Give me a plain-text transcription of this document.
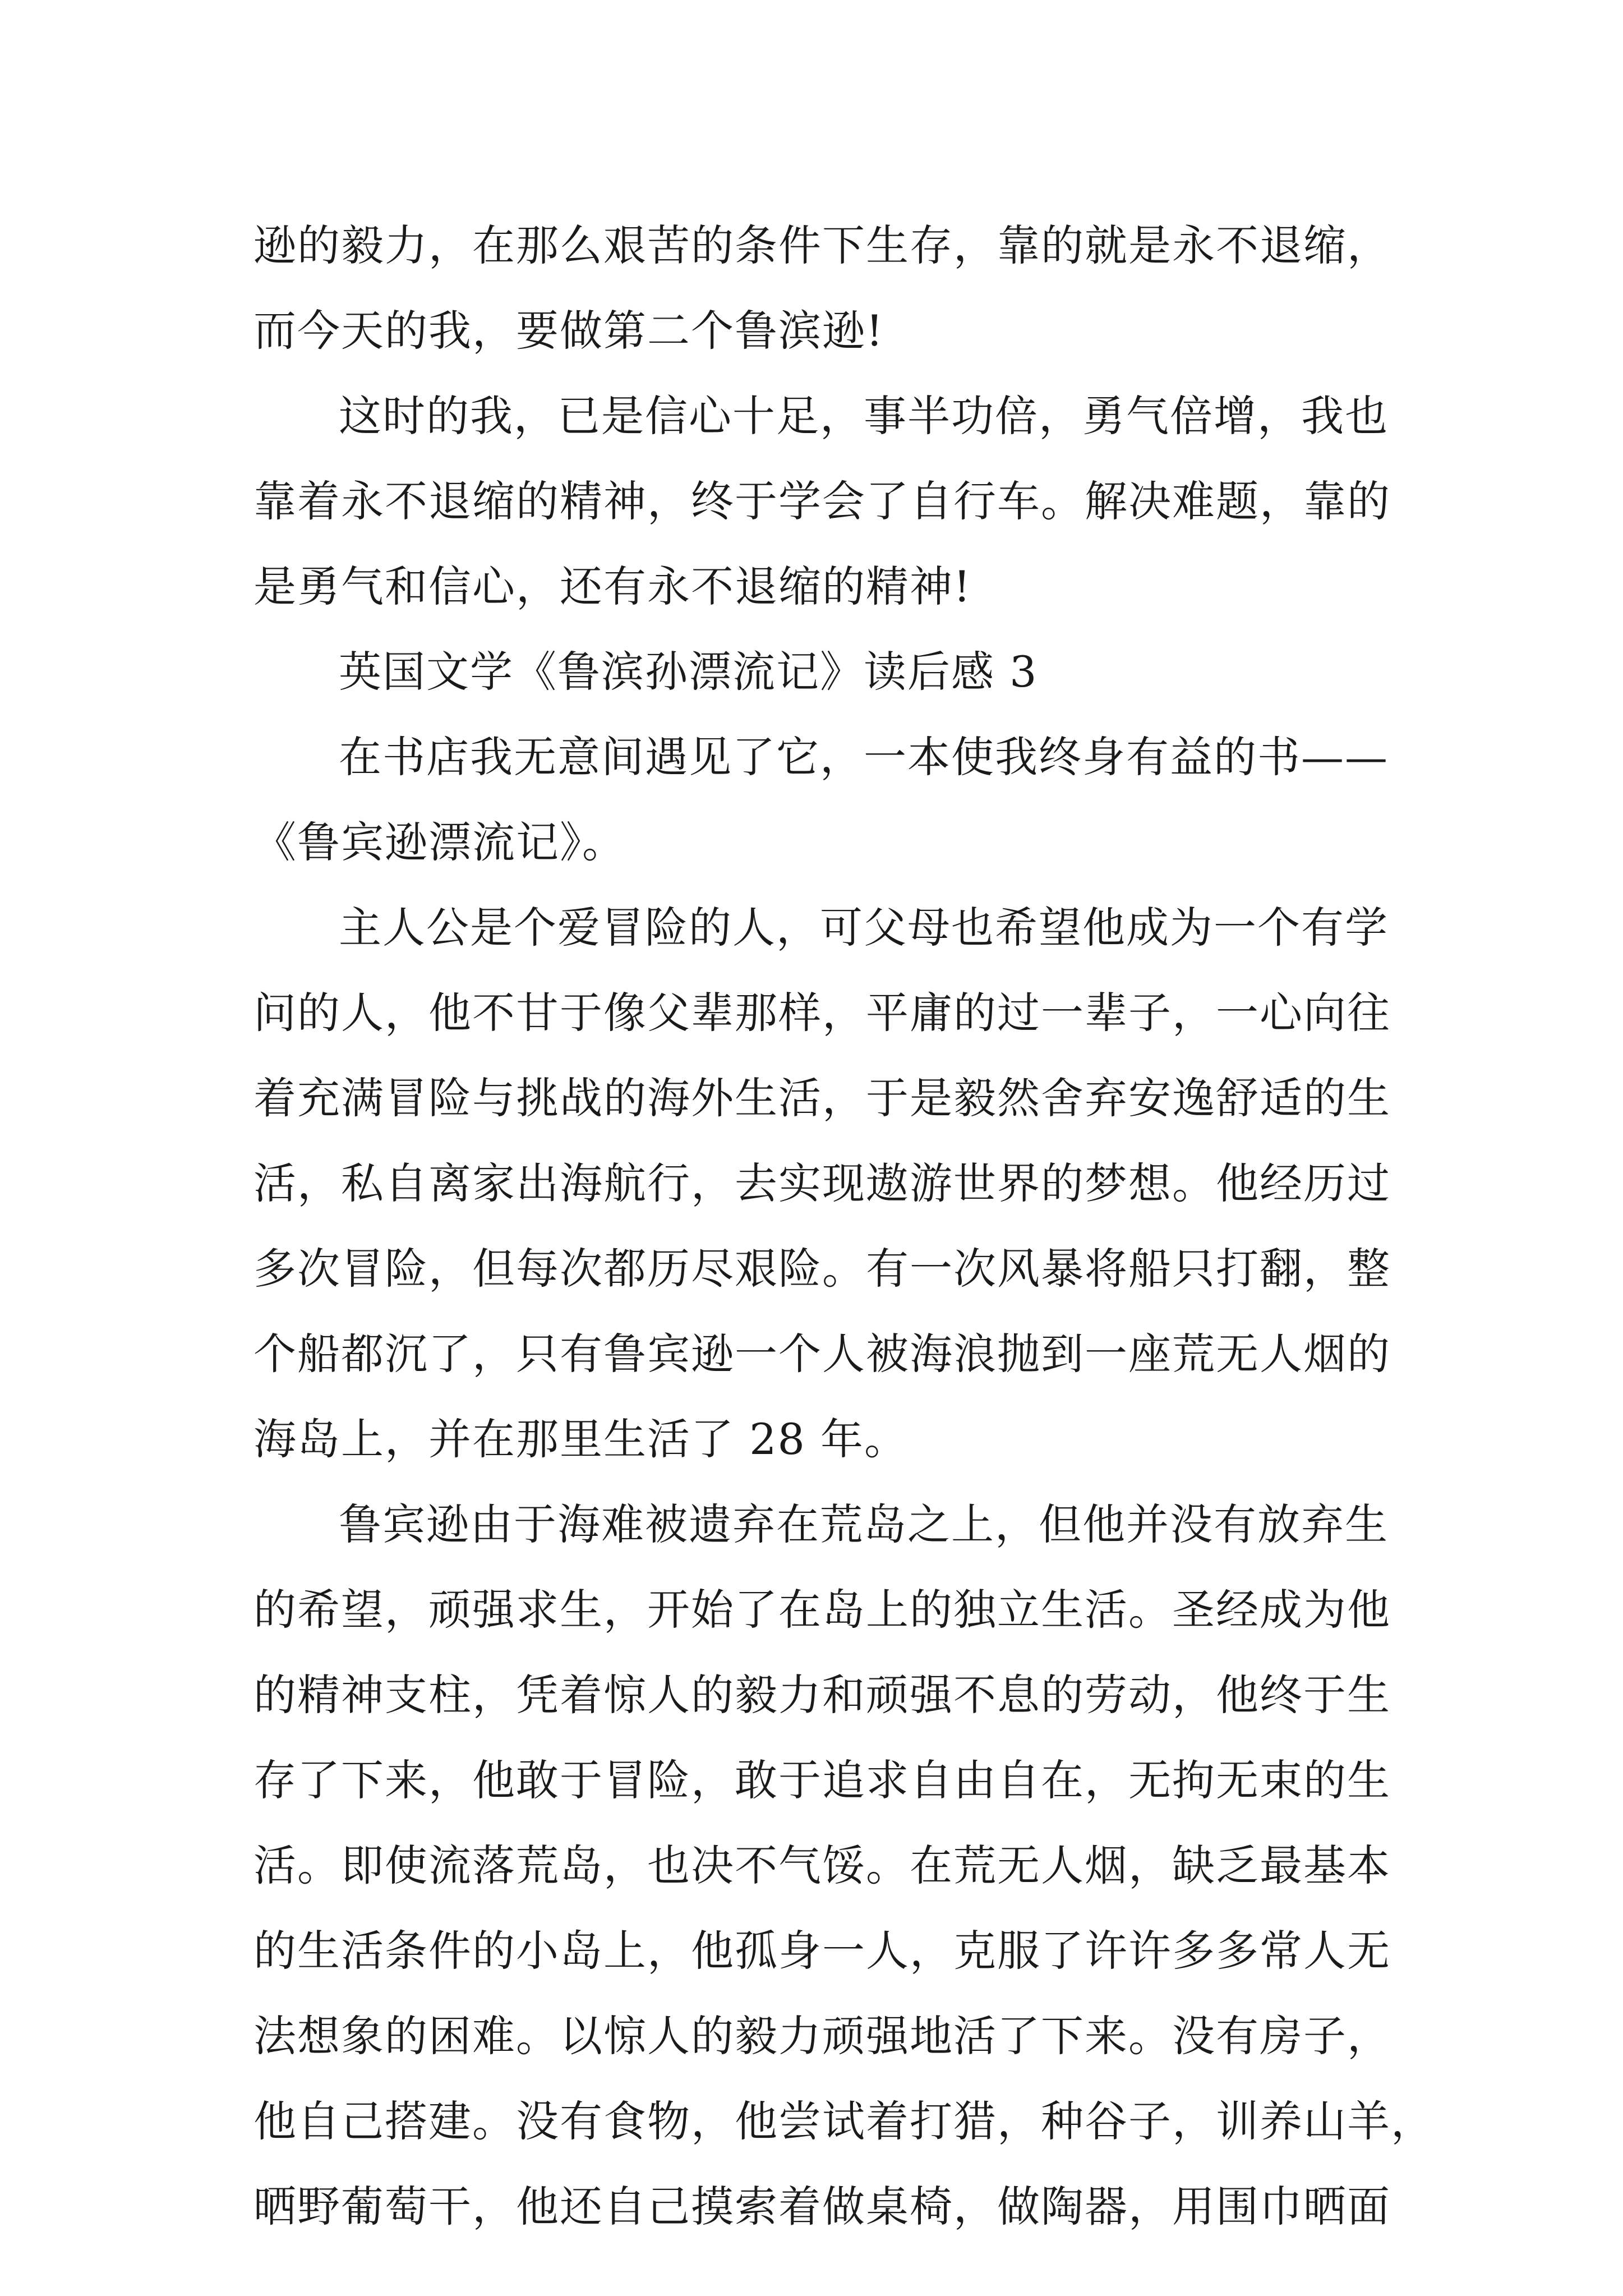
逊的毅力，在那么艰苦的条件下生存，靠的就是永不退缩，
而今天的我，要做第二个鲁滨逊!
这时的我，已是信心十足，事半功倍，勇气倍增，我也
靠着永不退缩的精神，终于学会了自行车。解决难题，靠的
是勇气和信心，还有永不退缩的精神!
英国文学《鲁滨孙漂流记》读后感 3
在书店我无意间遇见了它，一本使我终身有益的书——
《鲁宾逊漂流记》。
主人公是个爱冒险的人，可父母也希望他成为一个有学
问的人，他不甘于像父辈那样，平庸的过一辈子，一心向往
着充满冒险与挑战的海外生活，于是毅然舍弃安逸舒适的生
活，私自离家出海航行，去实现遨游世界的梦想。他经历过
多次冒险，但每次都历尽艰险。有一次风暴将船只打翻，整
个船都沉了，只有鲁宾逊一个人被海浪抛到一座荒无人烟的
海岛上，并在那里生活了 28 年。
鲁宾逊由于海难被遗弃在荒岛之上，但他并没有放弃生
的希望，顽强求生，开始了在岛上的独立生活。圣经成为他
的精神支柱，凭着惊人的毅力和顽强不息的劳动，他终于生
存了下来，他敢于冒险，敢于追求自由自在，无拘无束的生
活。即使流落荒岛，也决不气馁。在荒无人烟，缺乏最基本
的生活条件的小岛上，他孤身一人，克服了许许多多常人无
法想象的困难。以惊人的毅力顽强地活了下来。没有房子，
他自己搭建。没有食物，他尝试着打猎，种谷子，训养山羊，
晒野葡萄干，他还自己摸索着做桌椅，做陶器，用围巾晒面
